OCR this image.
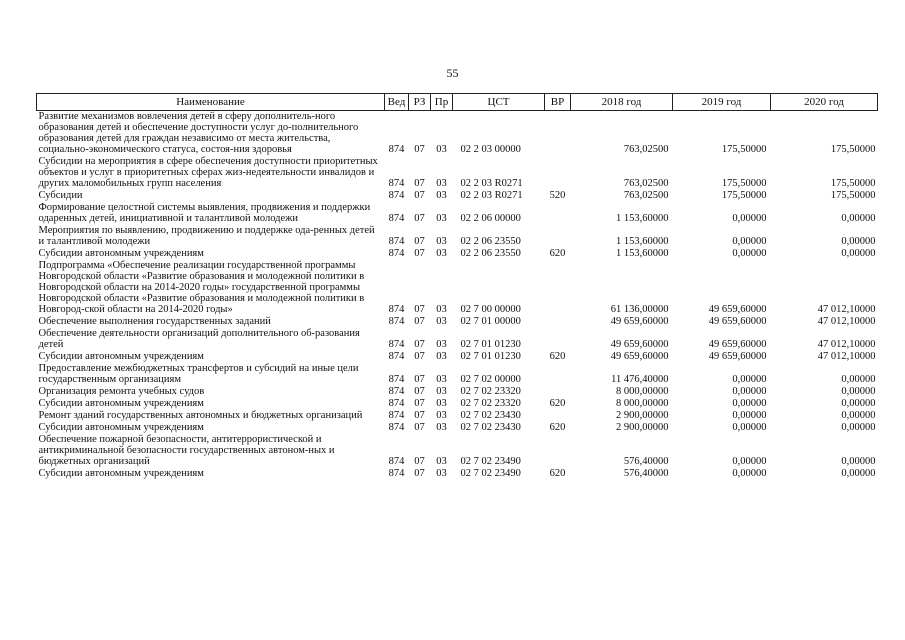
55
Наименование	Вед	РЗ	Пр	ЦСТ	ВР	2018 год	2019 год	2020 год
Развитие механизмов вовлечения детей в сферу дополнитель-ного образования детей и обеспечение доступности услуг до-полнительного образования детей для граждан независимо от места жительства, социально-экономического статуса, состоя-ния здоровья	874	07	03	02 2 03 00000		763,02500	175,50000	175,50000
Субсидии на мероприятия в сфере обеспечения доступности приоритетных объектов и услуг в приоритетных сферах жиз-недеятельности инвалидов и других маломобильных групп населения	874	07	03	02 2 03 R0271		763,02500	175,50000	175,50000
Субсидии	874	07	03	02 2 03 R0271	520	763,02500	175,50000	175,50000
Формирование целостной системы выявления, продвижения и поддержки одаренных детей, инициативной и талантливой молодежи	874	07	03	02 2 06 00000		1 153,60000	0,00000	0,00000
Мероприятия по выявлению, продвижению и поддержке ода-ренных детей и талантливой молодежи	874	07	03	02 2 06 23550		1 153,60000	0,00000	0,00000
Субсидии автономным учреждениям	874	07	03	02 2 06 23550	620	1 153,60000	0,00000	0,00000
Подпрограмма «Обеспечение реализации государственной программы Новгородской области «Развитие образования и молодежной политики в Новгородской области на 2014-2020 годы» государственной программы Новгородской области «Развитие образования и молодежной политики в Новгород-ской области на 2014-2020 годы»	874	07	03	02 7 00 00000		61 136,00000	49 659,60000	47 012,10000
Обеспечение выполнения государственных заданий	874	07	03	02 7 01 00000		49 659,60000	49 659,60000	47 012,10000
Обеспечение деятельности организаций дополнительного об-разования детей	874	07	03	02 7 01 01230		49 659,60000	49 659,60000	47 012,10000
Субсидии автономным учреждениям	874	07	03	02 7 01 01230	620	49 659,60000	49 659,60000	47 012,10000
Предоставление межбюджетных трансфертов и субсидий на иные цели государственным организациям	874	07	03	02 7 02 00000		11 476,40000	0,00000	0,00000
Организация ремонта учебных судов	874	07	03	02 7 02 23320		8 000,00000	0,00000	0,00000
Субсидии автономным учреждениям	874	07	03	02 7 02 23320	620	8 000,00000	0,00000	0,00000
Ремонт зданий государственных автономных и бюджетных организаций	874	07	03	02 7 02 23430		2 900,00000	0,00000	0,00000
Субсидии автономным учреждениям	874	07	03	02 7 02 23430	620	2 900,00000	0,00000	0,00000
Обеспечение пожарной безопасности, антитеррористической и антикриминальной безопасности государственных автоном-ных и бюджетных организаций	874	07	03	02 7 02 23490		576,40000	0,00000	0,00000
Субсидии автономным учреждениям	874	07	03	02 7 02 23490	620	576,40000	0,00000	0,00000
